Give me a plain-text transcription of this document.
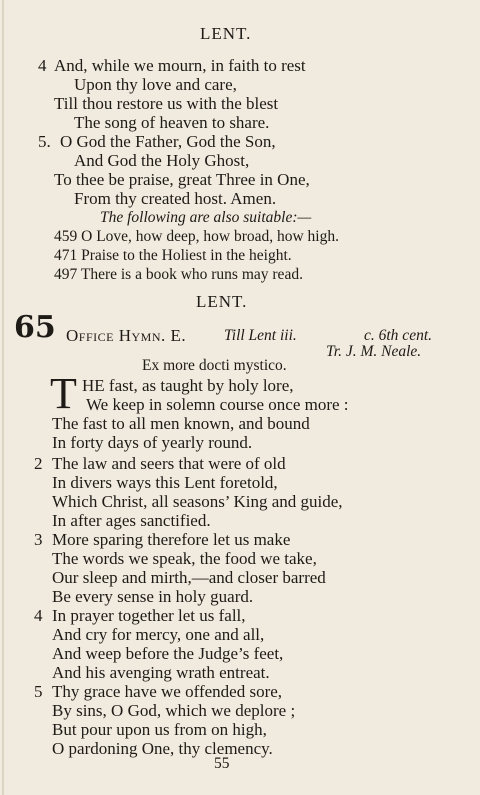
LENT.
4 And, while we mourn, in faith to rest
Upon thy love and care,
Till thou restore us with the blest
The song of heaven to share.
5. O God the Father, God the Son,
And God the Holy Ghost,
To thee be praise, great Three in One,
From thy created host. Amen.
The following are also suitable:—
459 O Love, how deep, how broad, how high.
471 Praise to the Holiest in the height.
497 There is a book who runs may read.
LENT.
65 Office Hymn. E. Till Lent iii.	c. 6th cent.
Tr. J. M. Neale.
Ex more docti mystico.
T HE fast, as taught by holy lore,
We keep in solemn course once more :
The fast to all men known, and bound
In forty days of yearly round.
2 The law and seers that were of old
In divers ways this Lent foretold,
Which Christ, all seasons’ King and guide,
In after ages sanctified.
3 More sparing therefore let us make
The words we speak, the food we take,
Our sleep and mirth,—and closer barred
Be every sense in holy guard.
4 In prayer together let us fall,
And cry for mercy, one and all,
And weep before the Judge’s feet,
And his avenging wrath entreat.
5 Thy grace have we offended sore,
By sins, O God, which we deplore ;
But pour upon us from on high,
O pardoning One, thy clemency.
55
